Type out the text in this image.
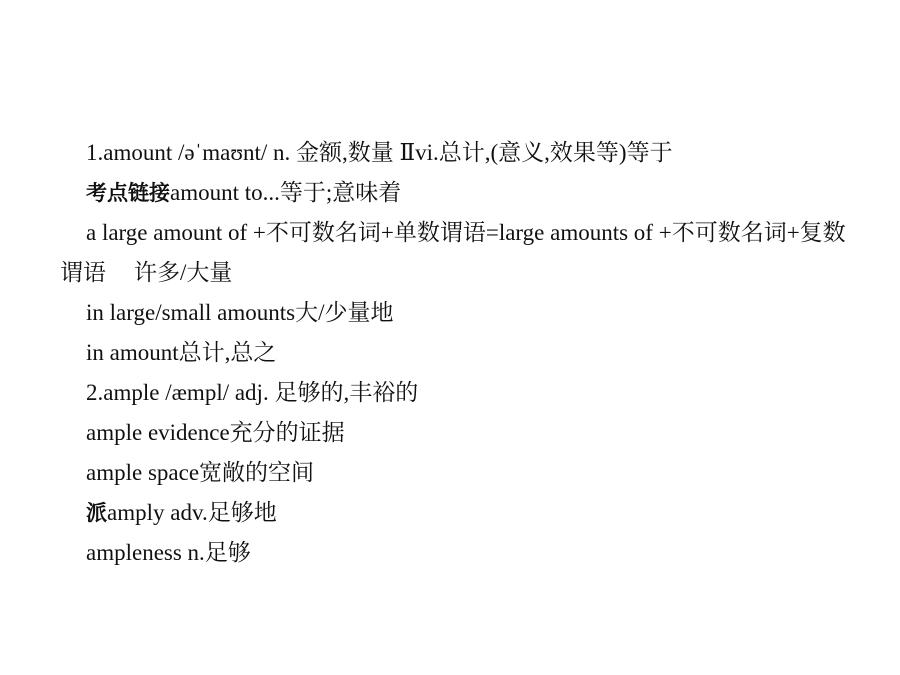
1.amount /əˈmaʊnt/ n. 金额,数量 Ⅱvi.总计,(意义,效果等)等于
考点链接amount to...等于;意味着
a large amount of +不可数名词+单数谓语=large amounts of +不可数名词+复数谓语 许多/大量
in large/small amounts大/少量地
in amount总计,总之
2.ample /æmpl/ adj. 足够的,丰裕的
ample evidence充分的证据
ample space宽敞的空间
派amply adv.足够地
ampleness n.足够
